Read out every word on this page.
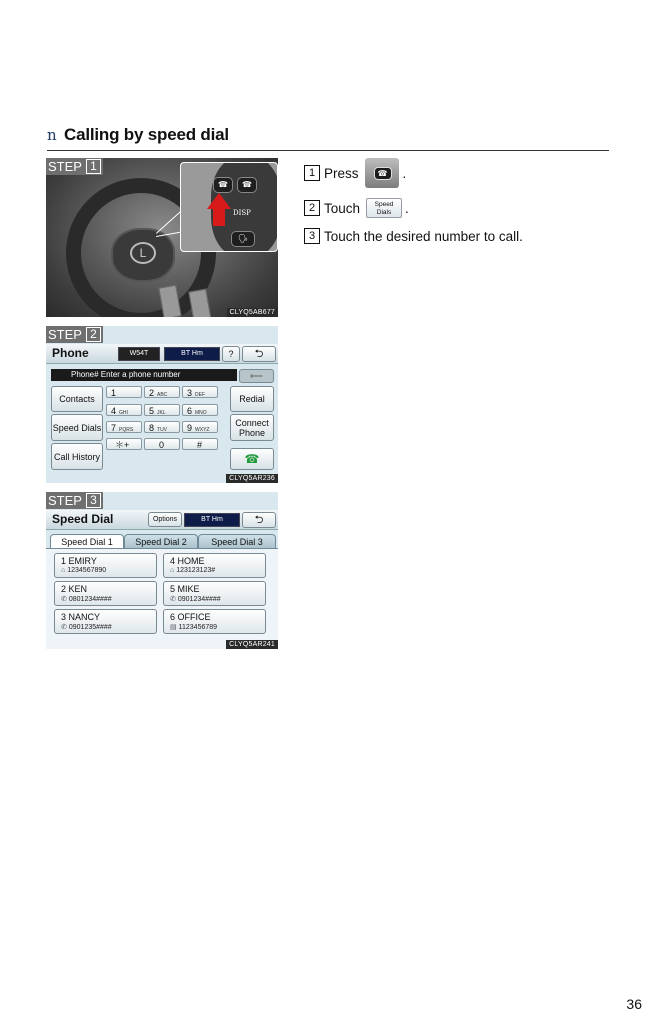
n Calling by speed dial
STEP 1
L
☎	☎
DISP
🗣
CLYQ5AB677
STEP 2
Phone	W54T	BT Hm	?	⮌
Phone# Enter a phone number	⟵
Contacts
Speed Dials
Call History
1	2 ABC	3 DEF
4 GHI	5 JKL	6 MNO
7 PQRS	8 TUV	9 WXYZ
＊+	0	#
Redial
Connect Phone
☎
CLYQ5AR236
STEP 3
Speed Dial	Options	BT Hm	⮌
Speed Dial 1	Speed Dial 2	Speed Dial 3
1 EMIRY
⌂ 1234567890
4 HOME
⌂ 123123123#
2 KEN
✆ 0801234####
5 MIKE
✆ 0901234####
3 NANCY
✆ 0901235####
6 OFFICE
▤ 1123456789
CLYQ5AR241
1 Press	☎ .
2 Touch	Speed
Dials	.
3 Touch the desired number to call.
36
